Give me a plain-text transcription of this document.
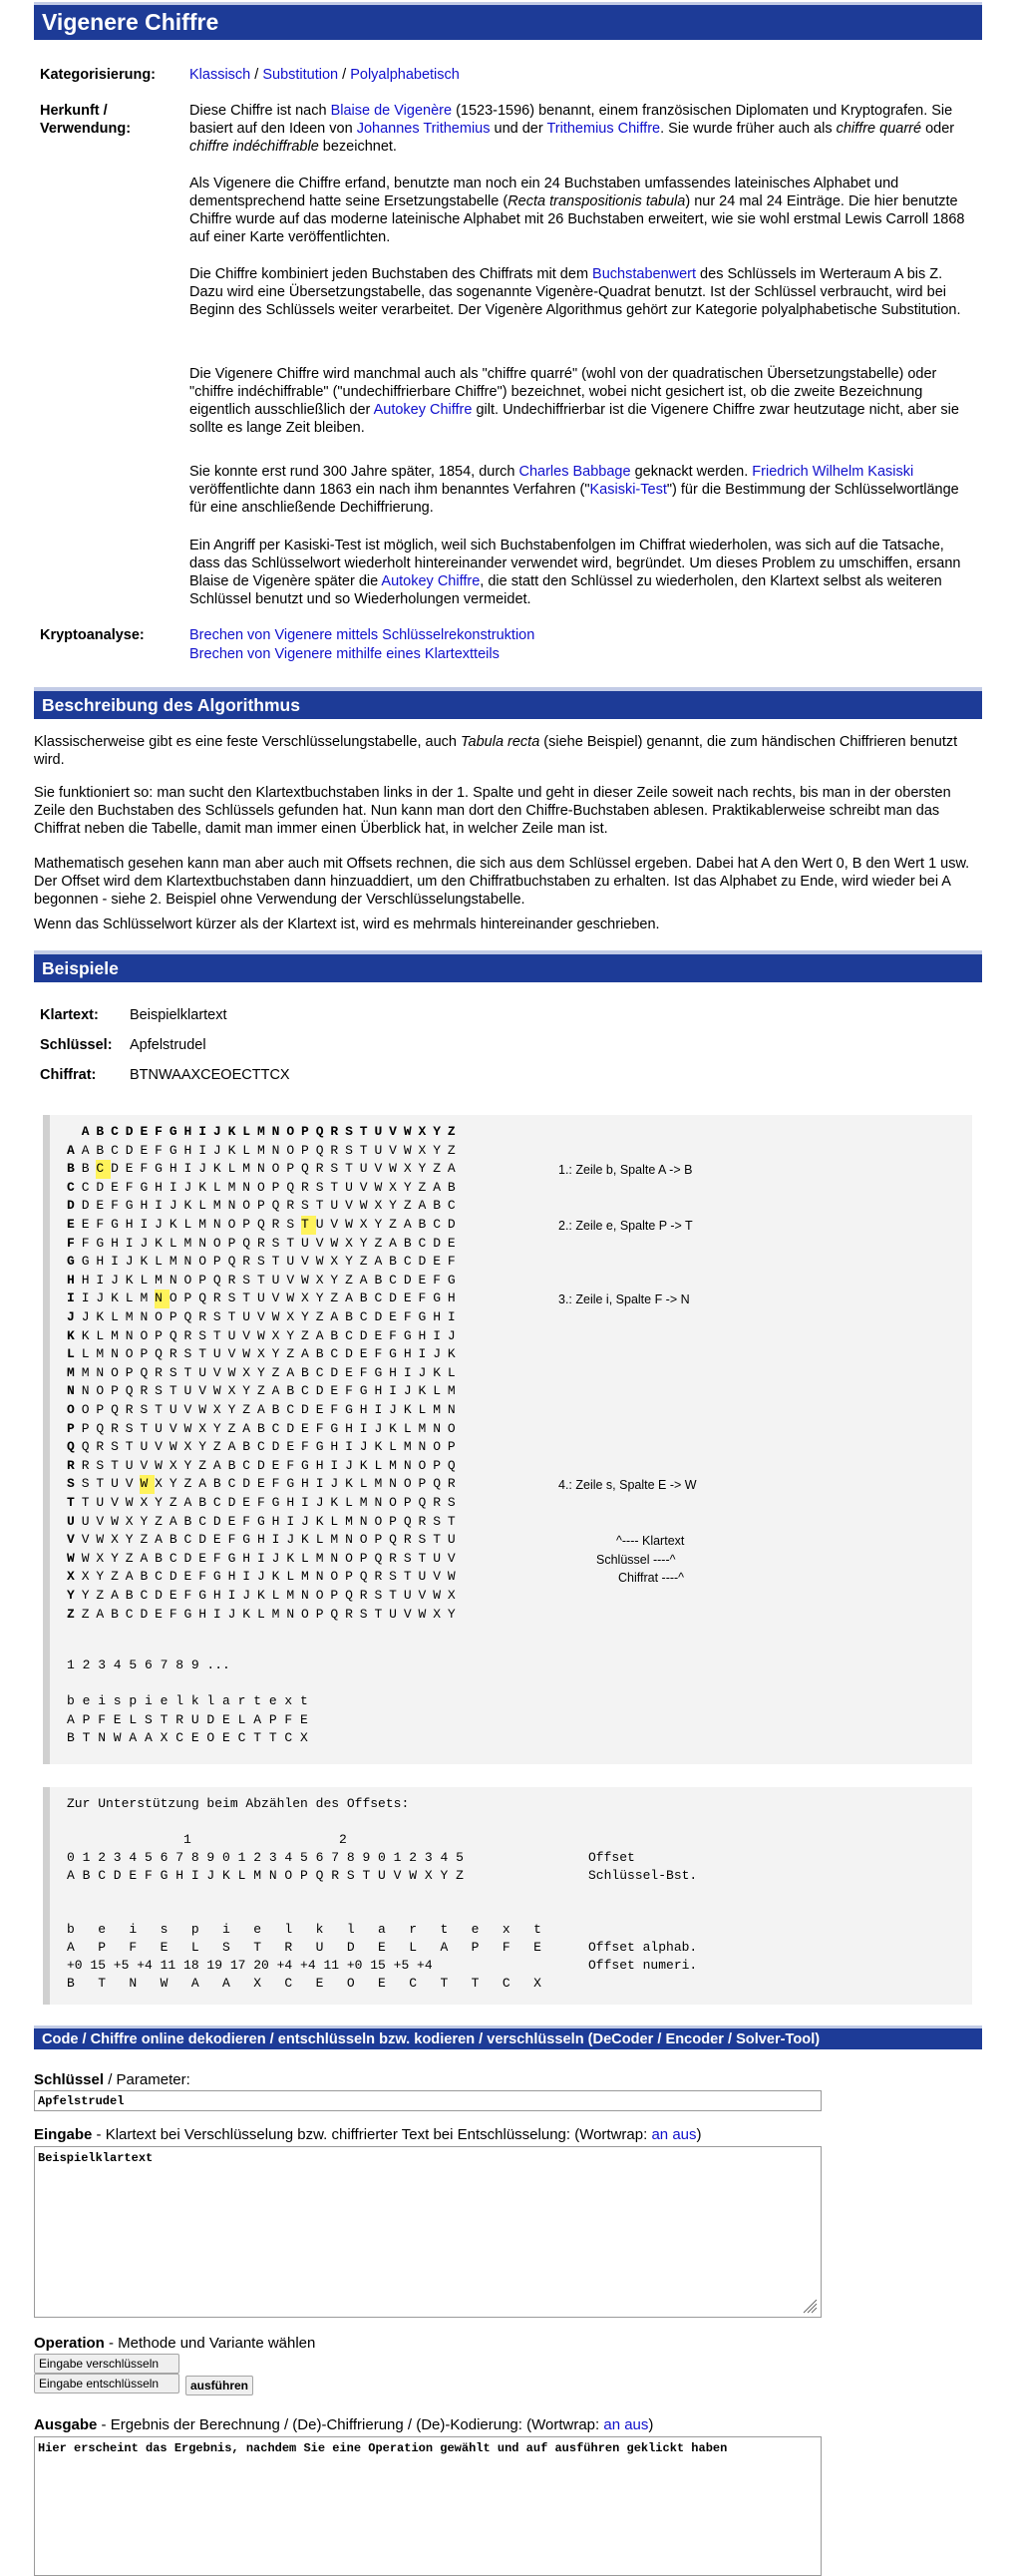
Vigenere Chiffre
Kategorisierung:	Klassisch / Substitution / Polyalphabetisch
Herkunft /
Verwendung:

Diese Chiffre ist nach Blaise de Vigenère (1523-1596) benannt, einem französischen Diplomaten und Kryptografen. Sie basiert auf den Ideen von Johannes Trithemius und der Trithemius Chiffre. Sie wurde früher auch als chiffre quarré oder chiffre indéchiffrable bezeichnet.

Als Vigenere die Chiffre erfand, benutzte man noch ein 24 Buchstaben umfassendes lateinisches Alphabet und dementsprechend hatte seine Ersetzungstabelle (Recta transpositionis tabula) nur 24 mal 24 Einträge. Die hier benutzte Chiffre wurde auf das moderne lateinische Alphabet mit 26 Buchstaben erweitert, wie sie wohl erstmal Lewis Carroll 1868 auf einer Karte veröffentlichten.

Die Chiffre kombiniert jeden Buchstaben des Chiffrats mit dem Buchstabenwert des Schlüssels im Werteraum A bis Z. Dazu wird eine Übersetzungstabelle, das sogenannte Vigenère-Quadrat benutzt. Ist der Schlüssel verbraucht, wird bei Beginn des Schlüssels weiter verarbeitet. Der Vigenère Algorithmus gehört zur Kategorie polyalphabetische Substitution.

Die Vigenere Chiffre wird manchmal auch als "chiffre quarré" (wohl von der quadratischen Übersetzungstabelle) oder "chiffre indéchiffrable" ("undechiffrierbare Chiffre") bezeichnet, wobei nicht gesichert ist, ob die zweite Bezeichnung eigentlich ausschließlich der Autokey Chiffre gilt. Undechiffrierbar ist die Vigenere Chiffre zwar heutzutage nicht, aber sie sollte es lange Zeit bleiben.

Sie konnte erst rund 300 Jahre später, 1854, durch Charles Babbage geknackt werden. Friedrich Wilhelm Kasiski veröffentlichte dann 1863 ein nach ihm benanntes Verfahren ("Kasiski-Test") für die Bestimmung der Schlüsselwortlänge für eine anschließende Dechiffrierung.

Ein Angriff per Kasiski-Test ist möglich, weil sich Buchstabenfolgen im Chiffrat wiederholen, was sich auf die Tatsache, dass das Schlüsselwort wiederholt hintereinander verwendet wird, begründet. Um dieses Problem zu umschiffen, ersann Blaise de Vigenère später die Autokey Chiffre, die statt den Schlüssel zu wiederholen, den Klartext selbst als weiteren Schlüssel benutzt und so Wiederholungen vermeidet.

Kryptoanalyse:	Brechen von Vigenere mittels Schlüsselrekonstruktion
Brechen von Vigenere mithilfe eines Klartextteils
Beschreibung des Algorithmus

Klassischerweise gibt es eine feste Verschlüsselungstabelle, auch Tabula recta (siehe Beispiel) genannt, die zum händischen Chiffrieren benutzt wird.

Sie funktioniert so: man sucht den Klartextbuchstaben links in der 1. Spalte und geht in dieser Zeile soweit nach rechts, bis man in der obersten Zeile den Buchstaben des Schlüssels gefunden hat. Nun kann man dort den Chiffre-Buchstaben ablesen. Praktikablerweise schreibt man das Chiffrat neben die Tabelle, damit man immer einen Überblick hat, in welcher Zeile man ist.

Mathematisch gesehen kann man aber auch mit Offsets rechnen, die sich aus dem Schlüssel ergeben. Dabei hat A den Wert 0, B den Wert 1 usw. Der Offset wird dem Klartextbuchstaben dann hinzuaddiert, um den Chiffratbuchstaben zu erhalten. Ist das Alphabet zu Ende, wird wieder bei A begonnen - siehe 2. Beispiel ohne Verwendung der Verschlüsselungstabelle.

Wenn das Schlüsselwort kürzer als der Klartext ist, wird es mehrmals hintereinander geschrieben.

Beispiele
Klartext: Beispielklartext
Schlüssel: Apfelstrudel
Chiffrat: BTNWAAXCEOECTTCX
A B C D E F G H I J K L M N O P Q R S T U V W X Y Z
A A B C D E F G H I J K L M N O P Q R S T U V W X Y Z
B B C D E F G H I J K L M N O P Q R S T U V W X Y Z A
C C D E F G H I J K L M N O P Q R S T U V W X Y Z A B
D D E F G H I J K L M N O P Q R S T U V W X Y Z A B C
E E F G H I J K L M N O P Q R S T U V W X Y Z A B C D
F F G H I J K L M N O P Q R S T U V W X Y Z A B C D E
G G H I J K L M N O P Q R S T U V W X Y Z A B C D E F
H H I J K L M N O P Q R S T U V W X Y Z A B C D E F G
I I J K L M N O P Q R S T U V W X Y Z A B C D E F G H
J J K L M N O P Q R S T U V W X Y Z A B C D E F G H I
K K L M N O P Q R S T U V W X Y Z A B C D E F G H I J
L L M N O P Q R S T U V W X Y Z A B C D E F G H I J K
M M N O P Q R S T U V W X Y Z A B C D E F G H I J K L
N N O P Q R S T U V W X Y Z A B C D E F G H I J K L M
O O P Q R S T U V W X Y Z A B C D E F G H I J K L M N
P P Q R S T U V W X Y Z A B C D E F G H I J K L M N O
Q Q R S T U V W X Y Z A B C D E F G H I J K L M N O P
R R S T U V W X Y Z A B C D E F G H I J K L M N O P Q
S S T U V W X Y Z A B C D E F G H I J K L M N O P Q R
T T U V W X Y Z A B C D E F G H I J K L M N O P Q R S
U U V W X Y Z A B C D E F G H I J K L M N O P Q R S T
V V W X Y Z A B C D E F G H I J K L M N O P Q R S T U
W W X Y Z A B C D E F G H I J K L M N O P Q R S T U V
X X Y Z A B C D E F G H I J K L M N O P Q R S T U V W
Y Y Z A B C D E F G H I J K L M N O P Q R S T U V W X
Z Z A B C D E F G H I J K L M N O P Q R S T U V W X Y
1.: Zeile b, Spalte A -> B
2.: Zeile e, Spalte P -> T
3.: Zeile i, Spalte F -> N
4.: Zeile s, Spalte E -> W
^---- Klartext
Schlüssel ----^
Chiffrat ----^
1 2 3 4 5 6 7 8 9 ...
b e i s p i e l k l a r t e x t
A P F E L S T R U D E L A P F E
B T N W A A X C E O E C T T C X
Zur Unterstützung beim Abzählen des Offsets:
1                   2
0 1 2 3 4 5 6 7 8 9 0 1 2 3 4 5 6 7 8 9 0 1 2 3 4 5	Offset
A B C D E F G H I J K L M N O P Q R S T U V W X Y Z	Schlüssel-Bst.
b   e   i   s   p   i   e   l   k   l   a   r   t   e   x   t
A   P   F   E   L   S   T   R   U   D   E   L   A   P   F   E	Offset alphab.
+0 15 +5 +4 11 18 19 17 20 +4 +4 11 +0 15 +5 +4	Offset numeri.
B   T   N   W   A   A   X   C   E   O   E   C   T   T   C   X
Code / Chiffre online dekodieren / entschlüsseln bzw. kodieren / verschlüsseln (DeCoder / Encoder / Solver-Tool)
Schlüssel / Parameter:
Apfelstrudel
Eingabe - Klartext bei Verschlüsselung bzw. chiffrierter Text bei Entschlüsselung: (Wortwrap: an aus)
Beispielklartext
Operation - Methode und Variante wählen
Eingabe verschlüsseln
Eingabe entschlüsseln	ausführen
Ausgabe - Ergebnis der Berechnung / (De)-Chiffrierung / (De)-Kodierung: (Wortwrap: an aus)
Hier erscheint das Ergebnis, nachdem Sie eine Operation gewählt und auf ausführen geklickt haben
